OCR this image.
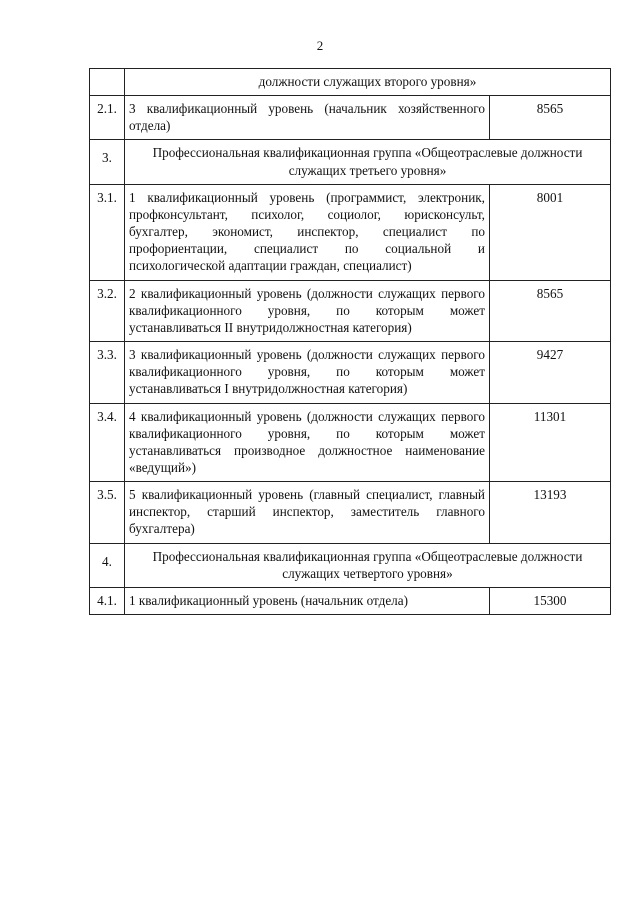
2
	должности служащих второго уровня»	
2.1.	3 квалификационный уровень (начальник хозяйственного отдела)	8565
3.	Профессиональная квалификационная группа «Общеотраслевые должности служащих третьего уровня»	
3.1.	1 квалификационный уровень (программист, электроник, профконсультант, психолог, социолог, юрисконсульт, бухгалтер, экономист, инспектор, специалист по профориентации, специалист по социальной и психологической адаптации граждан, специалист)	8001
3.2.	2 квалификационный уровень (должности служащих первого квалификационного уровня, по которым может устанавливаться II внутридолжностная категория)	8565
3.3.	3 квалификационный уровень (должности служащих первого квалификационного уровня, по которым может устанавливаться I внутридолжностная категория)	9427
3.4.	4 квалификационный уровень (должности служащих первого квалификационного уровня, по которым может устанавливаться производное должностное наименование «ведущий»)	11301
3.5.	5 квалификационный уровень (главный специалист, главный инспектор, старший инспектор, заместитель главного бухгалтера)	13193
4.	Профессиональная квалификационная группа «Общеотраслевые должности служащих четвертого уровня»	
4.1.	1 квалификационный уровень (начальник отдела)	15300
